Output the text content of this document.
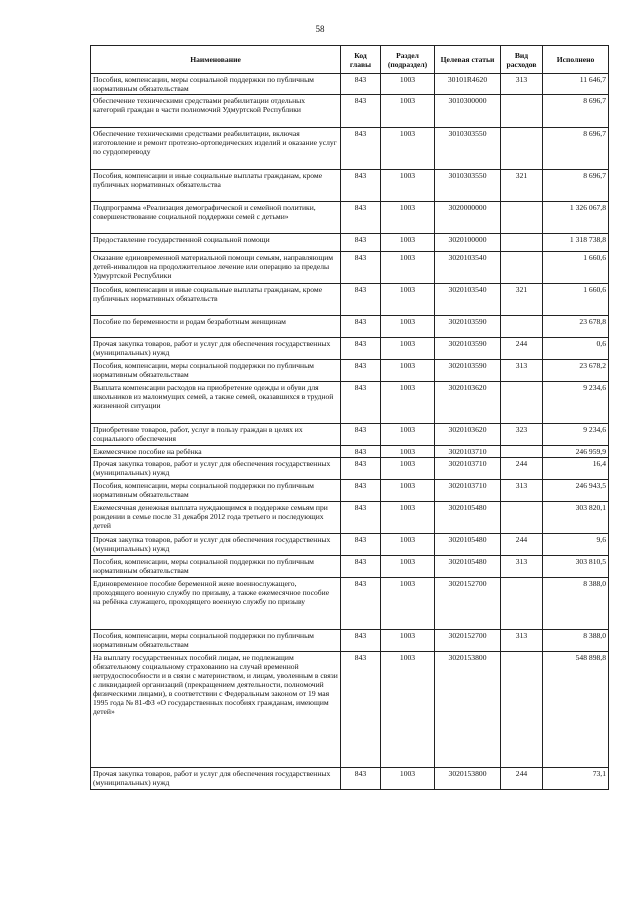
58
Наименование	Код главы	Раздел (подраздел)	Целевая статьи	Вид расходов	Исполнено
Пособия, компенсации, меры социальной поддержки по публичным нормативным обязательствам	843	1003	30101R4620	313	11 646,7
Обеспечение техническими средствами реабилитации отдельных категорий граждан в части полномочий Удмуртской Республики	843	1003	3010300000		8 696,7
Обеспечение техническими средствами реабилитации, включая изготовление и ремонт протезно-ортопедических изделий и оказание услуг по сурдопереводу	843	1003	3010303550		8 696,7
Пособия, компенсации и иные социальные выплаты гражданам, кроме публичных нормативных обязательства	843	1003	3010303550	321	8 696,7
Подпрограмма «Реализация демографической и семейной политики, совершенствование социальной поддержки семей с детьми»	843	1003	3020000000		1 326 067,8
Предоставление государственной социальной помощи	843	1003	3020100000		1 318 738,8
Оказание единовременной материальной помощи семьям, направляющим детей-инвалидов на продолжительное лечение или операцию за пределы Удмуртской Республики	843	1003	3020103540		1 660,6
Пособия, компенсации и иные социальные выплаты гражданам, кроме публичных нормативных обязательств	843	1003	3020103540	321	1 660,6
Пособие по беременности и родам безработным женщинам	843	1003	3020103590		23 678,8
Прочая закупка товаров, работ и услуг для обеспечения государственных (муниципальных) нужд	843	1003	3020103590	244	0,6
Пособия, компенсации, меры социальной поддержки по публичным нормативным обязательствам	843	1003	3020103590	313	23 678,2
Выплата компенсации расходов на приобретение одежды и обуви для школьников из малоимущих семей, а также семей, оказавшихся в трудной жизненной ситуации	843	1003	3020103620		9 234,6
Приобретение товаров, работ, услуг в пользу граждан в целях их социального обеспечения	843	1003	3020103620	323	9 234,6
Ежемесячное пособие на ребёнка	843	1003	3020103710		246 959,9
Прочая закупка товаров, работ и услуг для обеспечения государственных (муниципальных) нужд	843	1003	3020103710	244	16,4
Пособия, компенсации, меры социальной поддержки по публичным нормативным обязательствам	843	1003	3020103710	313	246 943,5
Ежемесячная денежная выплата нуждающимся в поддержке семьям при рождении в семье после 31 декабря 2012 года третьего и последующих детей	843	1003	3020105480		303 820,1
Прочая закупка товаров, работ и услуг для обеспечения государственных (муниципальных) нужд	843	1003	3020105480	244	9,6
Пособия, компенсации, меры социальной поддержки по публичным нормативным обязательствам	843	1003	3020105480	313	303 810,5
Единовременное пособие беременной жене военнослужащего, проходящего военную службу по призыву, а также ежемесячное пособие на ребёнка служащего, проходящего военную службу по призыву	843	1003	3020152700		8 388,0
Пособия, компенсации, меры социальной поддержки по публичным нормативным обязательствам	843	1003	3020152700	313	8 388,0
На выплату государственных пособий лицам, не подлежащим обязательному социальному страхованию на случай временной нетрудоспособности и в связи с материнством, и лицам, уволенным в связи с ликвидацией организаций (прекращением деятельности, полномочий физическими лицами), в соответствии с Федеральным законом от 19 мая 1995 года № 81-ФЗ «О государственных пособиях гражданам, имеющим детей»	843	1003	3020153800		548 898,8
Прочая закупка товаров, работ и услуг для обеспечения государственных (муниципальных) нужд	843	1003	3020153800	244	73,1
